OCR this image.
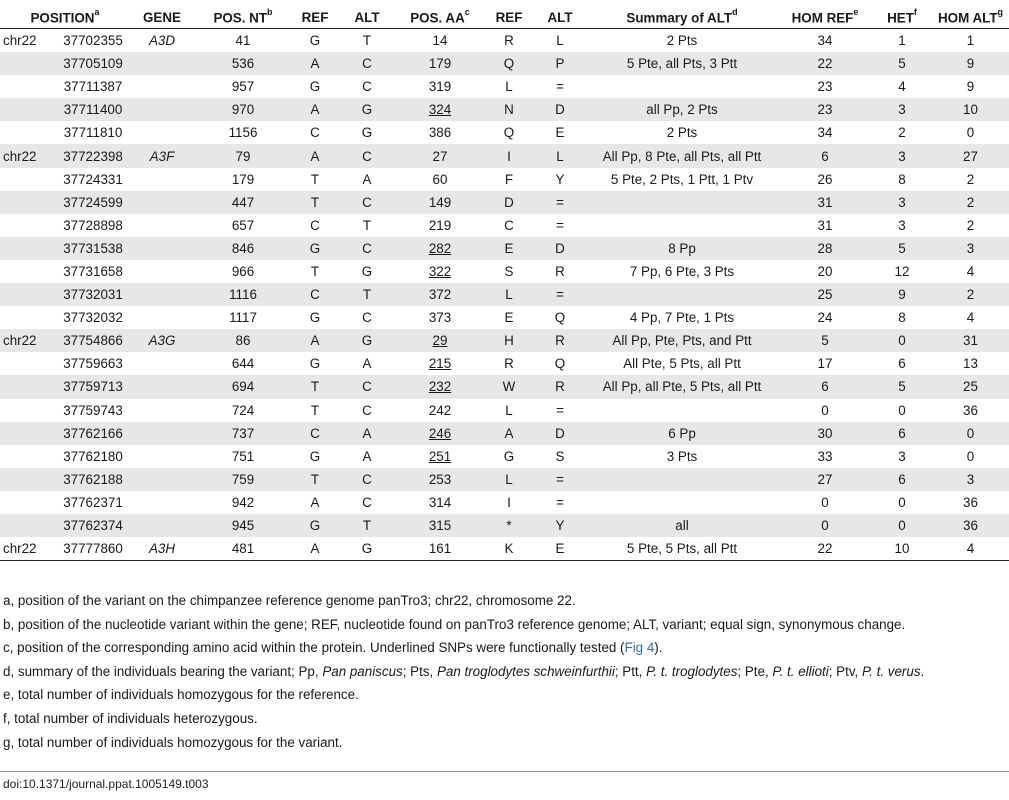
POSITION$^a$		GENE	POS. $NT^b$	REF	ALT	POS. $AA^c$	REF	ALT	Summary of ALT$^d$	HOM REF$^e$	HET$^f$	HOM ALT$^g$
chr22	37702355	A3D	41	G	T	14	R	L	2 Pts	34	1	1
	37705109		536	A	C	179	Q	P	5 Pte, all Pts, 3 Ptt	22	5	9
	37711387		957	G	C	319	L	=		23	4	9
	37711400		970	A	G	324	N	D	all Pp, 2 Pts	23	3	10
	37711810		1156	C	G	386	Q	E	2 Pts	34	2	0
chr22	37722398	A3F	79	A	C	27	I	L	All Pp, 8 Pte, all Pts, all Ptt	6	3	27
	37724331		179	T	A	60	F	Y	5 Pte, 2 Pts, 1 Ptt, 1 Ptv	26	8	2
	37724599		447	T	C	149	D	=		31	3	2
	37728898		657	C	T	219	C	=		31	3	2
	37731538		846	G	C	282	E	D	8 Pp	28	5	3
	37731658		966	T	G	322	S	R	7 Pp, 6 Pte, 3 Pts	20	12	4
	37732031		1116	C	T	372	L	=		25	9	2
	37732032		1117	G	C	373	E	Q	4 Pp, 7 Pte, 1 Pts	24	8	4
chr22	37754866	A3G	86	A	G	29	H	R	All Pp, Pte, Pts, and Ptt	5	0	31
	37759663		644	G	A	215	R	Q	All Pte, 5 Pts, all Ptt	17	6	13
	37759713		694	T	C	232	W	R	All Pp, all Pte, 5 Pts, all Ptt	6	5	25
	37759743		724	T	C	242	L	=		0	0	36
	37762166		737	C	A	246	A	D	6 Pp	30	6	0
	37762180		751	G	A	251	G	S	3 Pts	33	3	0
	37762188		759	T	C	253	L	=		27	6	3
	37762371		942	A	C	314	I	=		0	0	36
	37762374		945	G	T	315	*	Y	all	0	0	36
chr22	37777860	A3H	481	A	G	161	K	E	5 Pte, 5 Pts, all Ptt	22	10	4

a, position of the variant on the chimpanzee reference genome panTro3; chr22, chromosome 22.

b, position of the nucleotide variant within the gene; REF, nucleotide found on panTro3 reference genome; ALT, variant; equal sign, synonymous change.

c, position of the corresponding amino acid within the protein. Underlined SNPs were functionally tested (Fig 4).

d, summary of the individuals bearing the variant; Pp, Pan paniscus; Pts, Pan troglodytes schweinfurthii; Ptt, P. t. troglodytes; Pte, P. t. ellioti; Ptv, P. t. verus.

e, total number of individuals homozygous for the reference.

f, total number of individuals heterozygous.

g, total number of individuals homozygous for the variant.

doi:10.1371/journal.ppat.1005149.t003
